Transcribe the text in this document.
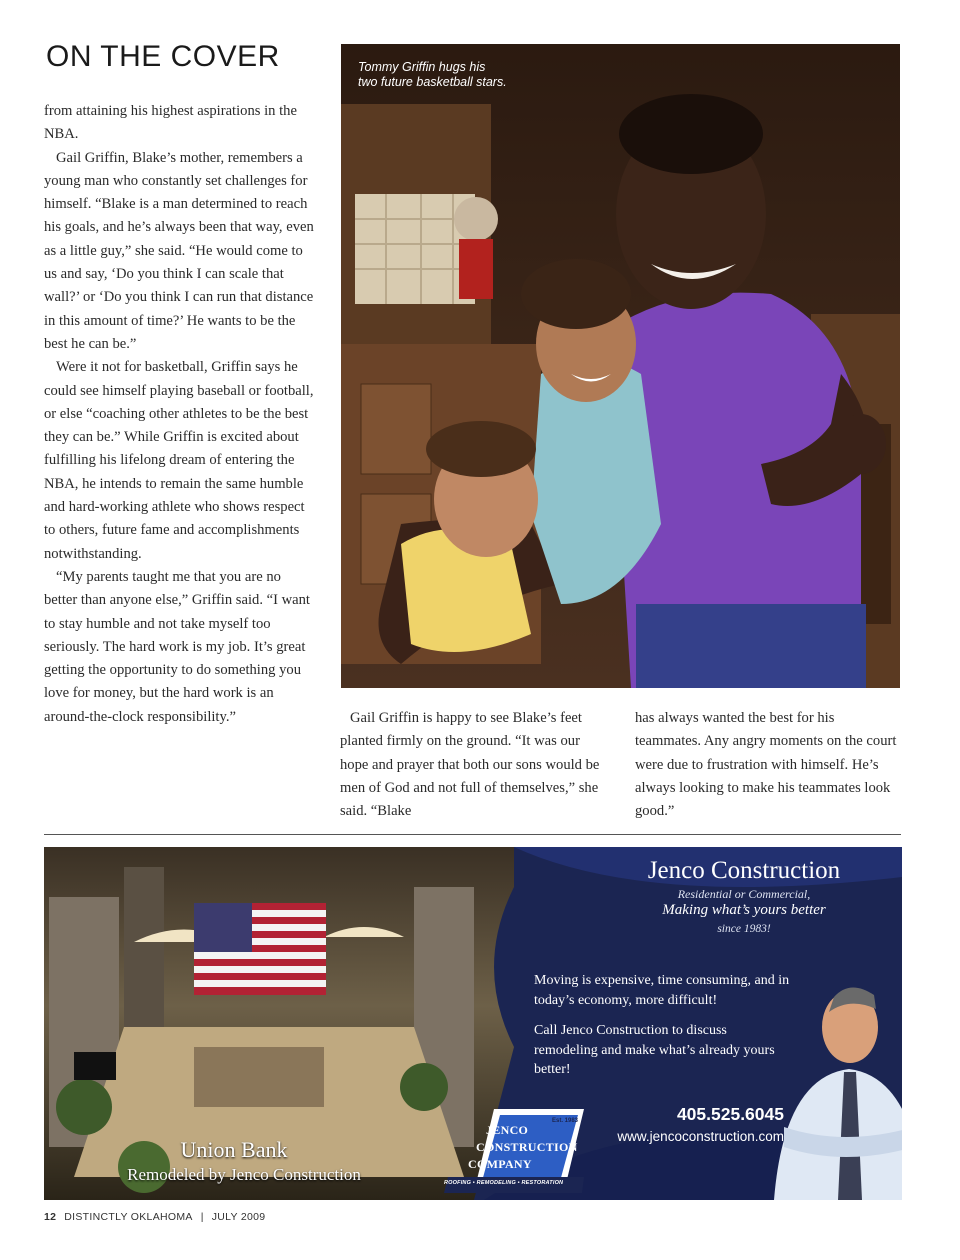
ON THE COVER

from attaining his highest aspirations in the NBA.

Gail Griffin, Blake’s mother, remembers a young man who constantly set challenges for himself. “Blake is a man determined to reach his goals, and he’s always been that way, even as a little guy,” she said. “He would come to us and say, ‘Do you think I can scale that wall?’ or ‘Do you think I can run that distance in this amount of time?’ He wants to be the best he can be.”

Were it not for basketball, Griffin says he could see himself playing baseball or football, or else “coaching other athletes to be the best they can be.” While Griffin is excited about fulfilling his lifelong dream of entering the NBA, he intends to remain the same humble and hard-working athlete who shows respect to others, future fame and accomplishments notwithstanding.

“My parents taught me that you are no better than anyone else,” Griffin said. “I want to stay humble and not take myself too seriously. The hard work is my job. It’s great getting the opportunity to do something you love for money, but the hard work is an around-the-clock responsibility.”

Tommy Griffin hugs his
two future basketball stars.

Gail Griffin is happy to see Blake’s feet planted firmly on the ground. “It was our hope and prayer that both our sons would be men of God and not full of themselves,” she said. “Blake

has always wanted the best for his teammates. Any angry moments on the court were due to frustration with himself. He’s always looking to make his teammates look good.”

Jenco Construction
Residential or Commercial,
Making what’s yours better
since 1983!
Moving is expensive, time consuming, and in today’s economy, more difficult!
Call Jenco Construction to discuss remodeling and make what’s already yours better!
405.525.6045
www.jencoconstruction.com
Union Bank
Remodeled by Jenco Construction
Est. 1983
JENCO
CONSTRUCTION
COMPANY
ROOFING • REMODELING • RESTORATION
12 DISTINCTLY OKLAHOMA | JULY 2009
